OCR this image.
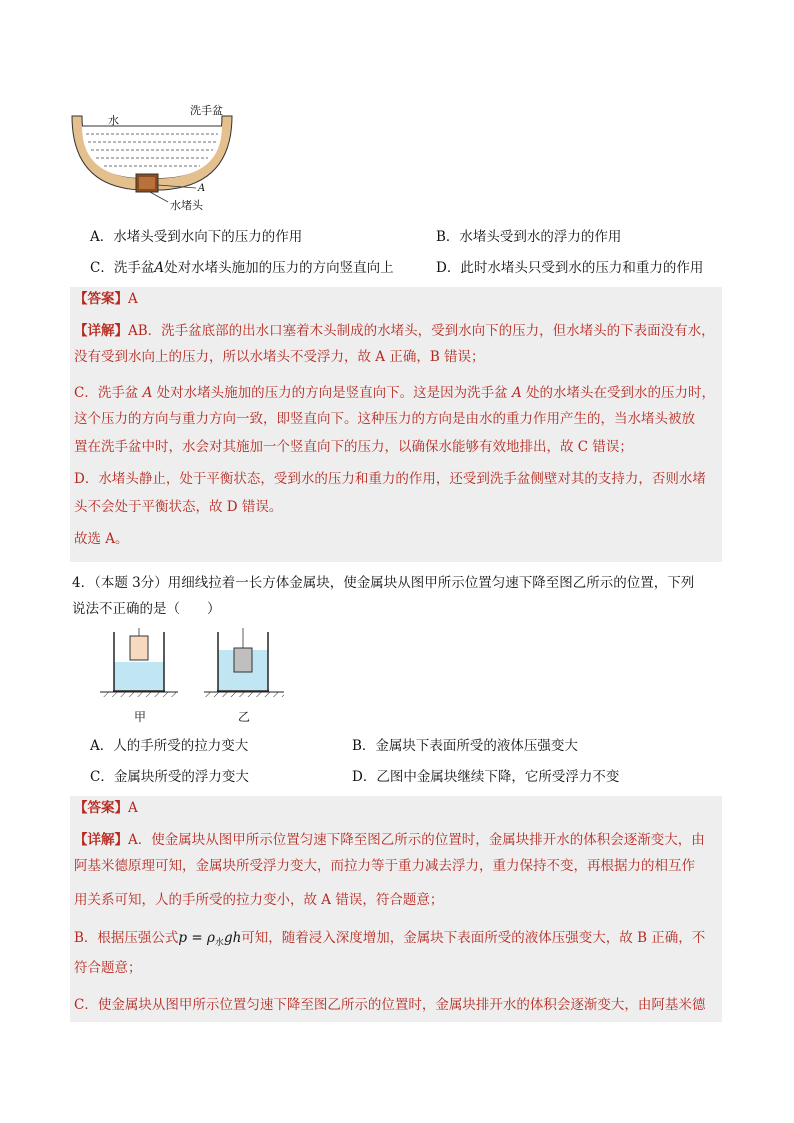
洗手盆
水
A
水堵头
A．水堵头受到水向下的压力的作用	B．水堵头受到水的浮力的作用
C．洗手盆A处对水堵头施加的压力的方向竖直向上	D．此时水堵头只受到水的压力和重力的作用
【答案】A
【详解】AB．洗手盆底部的出水口塞着木头制成的水堵头，受到水向下的压力，但水堵头的下表面没有水，
没有受到水向上的压力，所以水堵头不受浮力，故 A 正确，B 错误；
C．洗手盆 A 处对水堵头施加的压力的方向是竖直向下。这是因为洗手盆 A 处的水堵头在受到水的压力时，
这个压力的方向与重力方向一致，即竖直向下。这种压力的方向是由水的重力作用产生的，当水堵头被放
置在洗手盆中时，水会对其施加一个竖直向下的压力，以确保水能够有效地排出，故 C 错误；
D．水堵头静止，处于平衡状态，受到水的压力和重力的作用，还受到洗手盆侧壁对其的支持力，否则水堵
头不会处于平衡状态，故 D 错误。
故选 A。
4．（本题 3分）用细线拉着一长方体金属块，使金属块从图甲所示位置匀速下降至图乙所示的位置，下列
说法不正确的是（　　）
甲	乙
A．人的手所受的拉力变大	B．金属块下表面所受的液体压强变大
C．金属块所受的浮力变大	D．乙图中金属块继续下降，它所受浮力不变
【答案】A
【详解】A．使金属块从图甲所示位置匀速下降至图乙所示的位置时，金属块排开水的体积会逐渐变大，由
阿基米德原理可知，金属块所受浮力变大，而拉力等于重力减去浮力，重力保持不变，再根据力的相互作
用关系可知，人的手所受的拉力变小，故 A 错误，符合题意；
B．根据压强公式$p = \rho_水gh$可知，随着浸入深度增加，金属块下表面所受的液体压强变大，故 B 正确，不
符合题意；
C．使金属块从图甲所示位置匀速下降至图乙所示的位置时，金属块排开水的体积会逐渐变大，由阿基米德
